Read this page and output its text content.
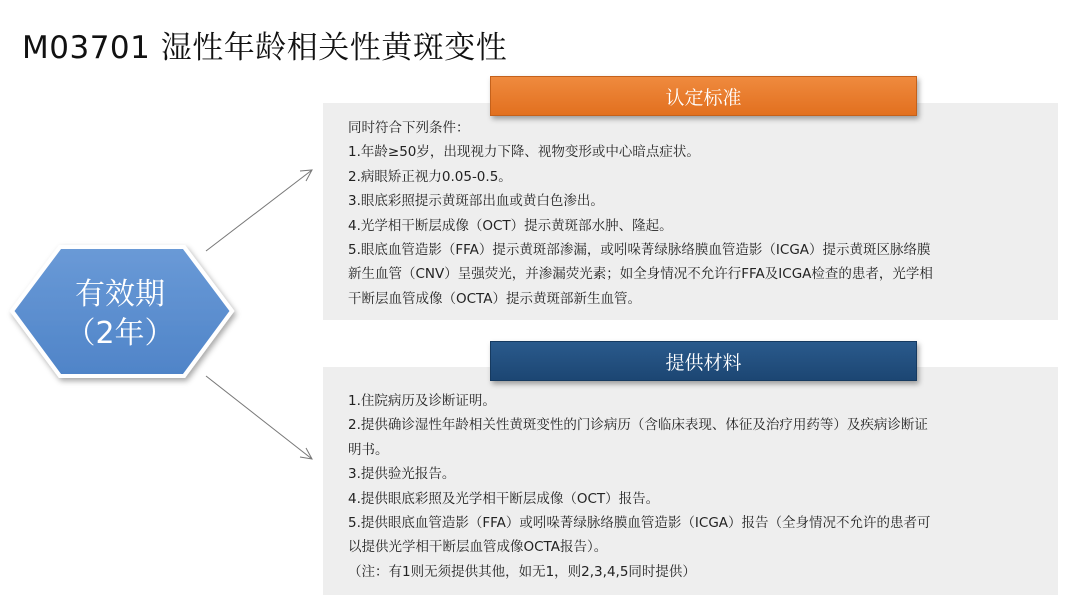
M03701 湿性年龄相关性黄斑变性
有效期
（2年）
认定标准
同时符合下列条件：
1.年龄≥50岁，出现视力下降、视物变形或中心暗点症状。
2.病眼矫正视力0.05-0.5。
3.眼底彩照提示黄斑部出血或黄白色渗出。
4.光学相干断层成像（OCT）提示黄斑部水肿、隆起。
5.眼底血管造影（FFA）提示黄斑部渗漏，或吲哚菁绿脉络膜血管造影（ICGA）提示黄斑区脉络膜
新生血管（CNV）呈强荧光，并渗漏荧光素；如全身情况不允许行FFA及ICGA检查的患者，光学相
干断层血管成像（OCTA）提示黄斑部新生血管。
提供材料
1.住院病历及诊断证明。
2.提供确诊湿性年龄相关性黄斑变性的门诊病历（含临床表现、体征及治疗用药等）及疾病诊断证
明书。
3.提供验光报告。
4.提供眼底彩照及光学相干断层成像（OCT）报告。
5.提供眼底血管造影（FFA）或吲哚菁绿脉络膜血管造影（ICGA）报告（全身情况不允许的患者可
以提供光学相干断层血管成像OCTA报告）。
（注：有1则无须提供其他，如无1，则2,3,4,5同时提供）
